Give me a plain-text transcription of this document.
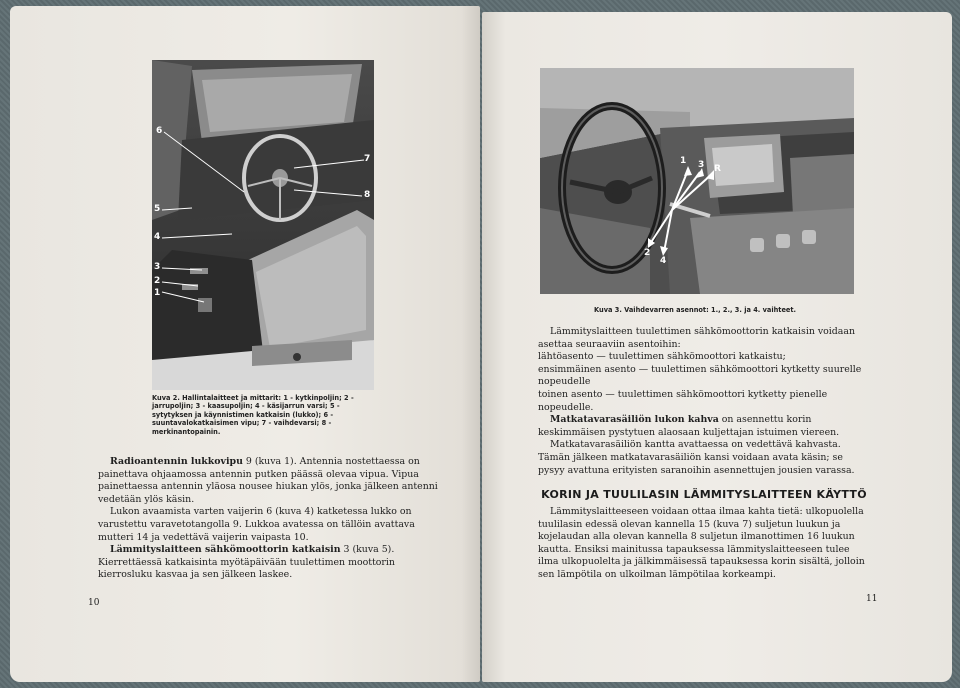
6
7
8
5
4
3
2
1
Kuva 2. Hallintalaitteet ja mittarit: 1 - kytkinpoljin; 2 - jarrupoljin; 3 - kaasupoljin; 4 - käsijarrun varsi; 5 - sytytyksen ja käynnistimen katkaisin (lukko); 6 - suuntavalokatkaisimen vipu; 7 - vaihdevarsi; 8 - merkinantopainin.

Radioantennin lukkovipu 9 (kuva 1). Antennia nostettaessa on painettava ohjaamossa antennin putken päässä olevaa vipua. Vipua painettaessa antennin yläosa nousee hiukan ylös, jonka jälkeen antenni vedetään ylös käsin.

Lukon avaamista varten vaijerin 6 (kuva 4) katketessa lukko on varustettu varavetotangolla 9. Lukkoa avatessa on tällöin avattava mutteri 14 ja vedettävä vaijerin vaipasta 10.

Lämmityslaitteen sähkömoottorin katkaisin 3 (kuva 5). Kierrettäessä katkaisinta myötäpäivään tuulettimen moottorin kierrosluku kasvaa ja sen jälkeen laskee.

10
1 3 R
2
4
Kuva 3. Vaihdevarren asennot: 1., 2., 3. ja 4. vaihteet.

Lämmityslaitteen tuulettimen sähkömoottorin katkaisin voidaan asettaa seuraaviin asentoihin:

lähtöasento — tuulettimen sähkömoottori katkaistu;

ensimmäinen asento — tuulettimen sähkömoottori kytketty suurelle nopeudelle

toinen asento — tuulettimen sähkömoottori kytketty pienelle nopeudelle.

Matkatavarasäiliön lukon kahva on asennettu korin keskimmäisen pystytuen alaosaan kuljettajan istuimen viereen.

Matkatavarasäiliön kantta avattaessa on vedettävä kahvasta. Tämän jälkeen matkatavarasäiliön kansi voidaan avata käsin; se pysyy avattuna erityisten saranoihin asennettujen jousien varassa.

KORIN JA TUULILASIN LÄMMITYSLAITTEEN KÄYTTÖ

Lämmityslaitteeseen voidaan ottaa ilmaa kahta tietä: ulkopuolella tuulilasin edessä olevan kannella 15 (kuva 7) suljetun luukun ja kojelaudan alla olevan kannella 8 suljetun ilmanottimen 16 luukun kautta. Ensiksi mainitussa tapauksessa lämmityslaitteeseen tulee ilma ulkopuolelta ja jälkimmäisessä tapauksessa korin sisältä, jolloin sen lämpötila on ulkoilman lämpötilaa korkeampi.

11
